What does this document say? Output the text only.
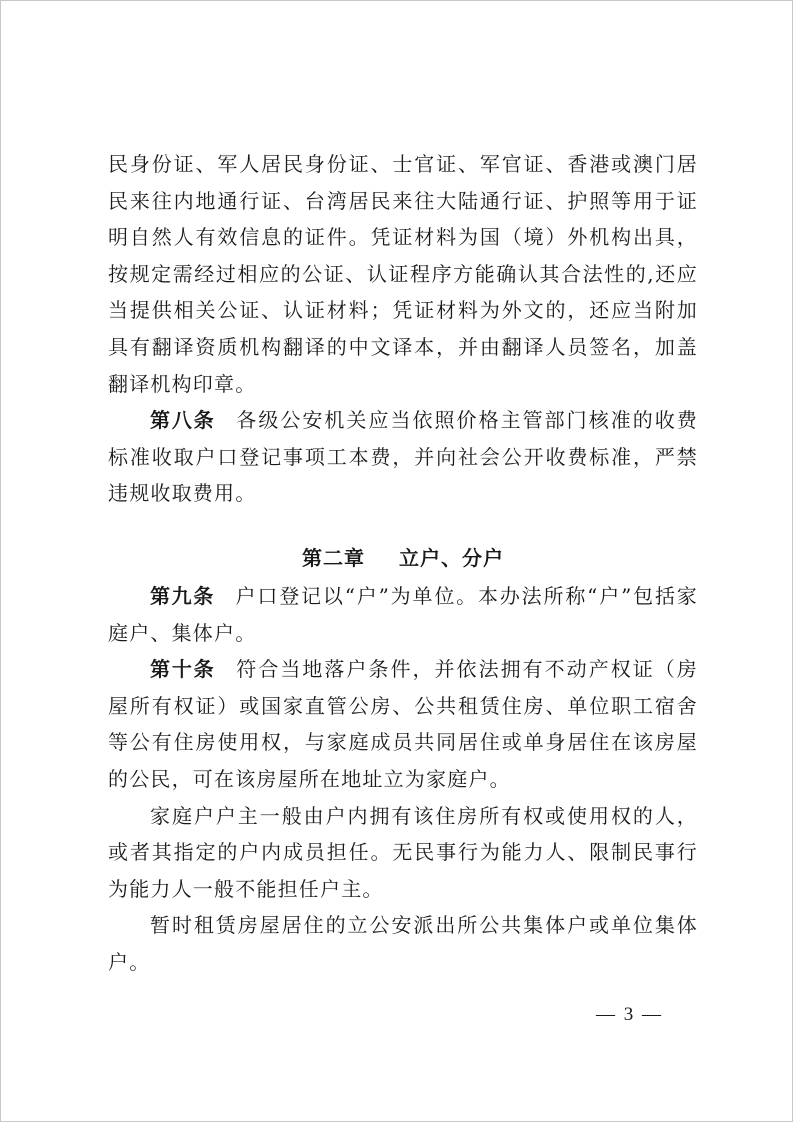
民身份证、军人居民身份证、士官证、军官证、香港或澳门居民来往内地通行证、台湾居民来往大陆通行证、护照等用于证明自然人有效信息的证件。凭证材料为国（境）外机构出具，按规定需经过相应的公证、认证程序方能确认其合法性的,还应当提供相关公证、认证材料；凭证材料为外文的，还应当附加具有翻译资质机构翻译的中文译本，并由翻译人员签名，加盖翻译机构印章。

第八条 各级公安机关应当依照价格主管部门核准的收费标准收取户口登记事项工本费，并向社会公开收费标准，严禁违规收取费用。

第二章 立户、分户

第九条 户口登记以“户”为单位。本办法所称“户”包括家庭户、集体户。

第十条 符合当地落户条件，并依法拥有不动产权证（房屋所有权证）或国家直管公房、公共租赁住房、单位职工宿舍等公有住房使用权，与家庭成员共同居住或单身居住在该房屋的公民，可在该房屋所在地址立为家庭户。

家庭户户主一般由户内拥有该住房所有权或使用权的人，或者其指定的户内成员担任。无民事行为能力人、限制民事行为能力人一般不能担任户主。

暂时租赁房屋居住的立公安派出所公共集体户或单位集体户。

— 3 —
